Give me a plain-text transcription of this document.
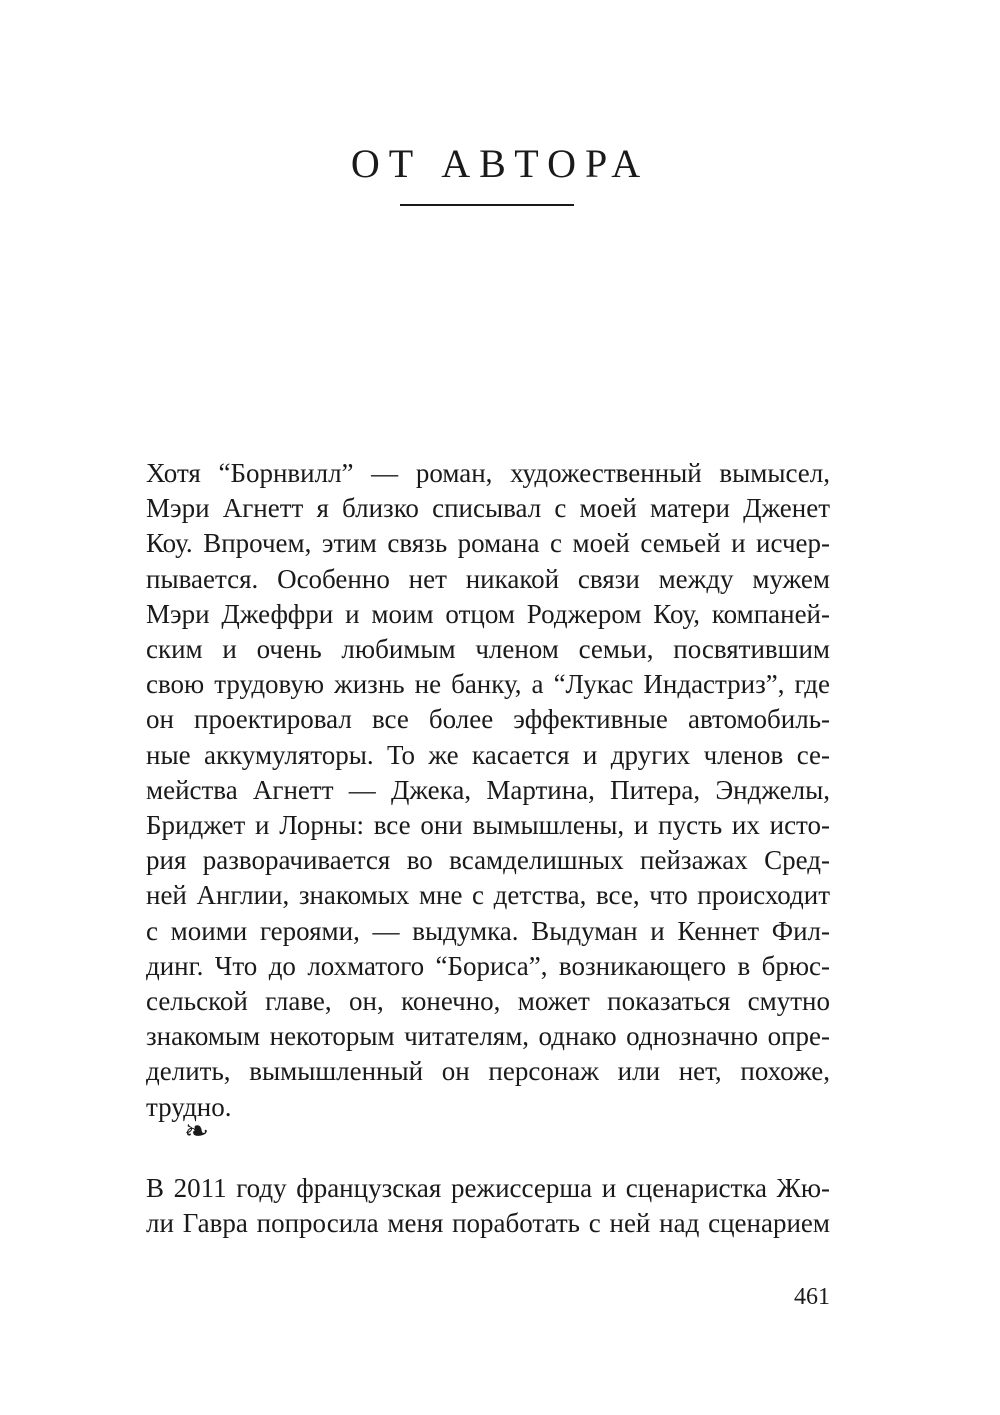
ОТ АВТОРА

Хотя “Борнвилл” — роман, художественный вымысел,
Мэри Агнетт я близко списывал с моей матери Дженет
Коу. Впрочем, этим связь романа с моей семьей и исчер-
пывается. Особенно нет никакой связи между мужем
Мэри Джеффри и моим отцом Роджером Коу, компаней-
ским и очень любимым членом семьи, посвятившим
свою трудовую жизнь не банку, а “Лукас Индастриз”, где
он проектировал все более эффективные автомобиль-
ные аккумуляторы. То же касается и других членов се-
мейства Агнетт — Джека, Мартина, Питера, Энджелы,
Бриджет и Лорны: все они вымышлены, и пусть их исто-
рия разворачивается во всамделишных пейзажах Сред-
ней Англии, знакомых мне с детства, все, что происходит
с моими героями, — выдумка. Выдуман и Кеннет Фил-
динг. Что до лохматого “Бориса”, возникающего в брюс-
сельской главе, он, конечно, может показаться смутно
знакомым некоторым читателям, однако однозначно опре-
делить, вымышленный он персонаж или нет, похоже,
трудно.

❧

В 2011 году французская режиссерша и сценаристка Жю-
ли Гавра попросила меня поработать с ней над сценарием

461
